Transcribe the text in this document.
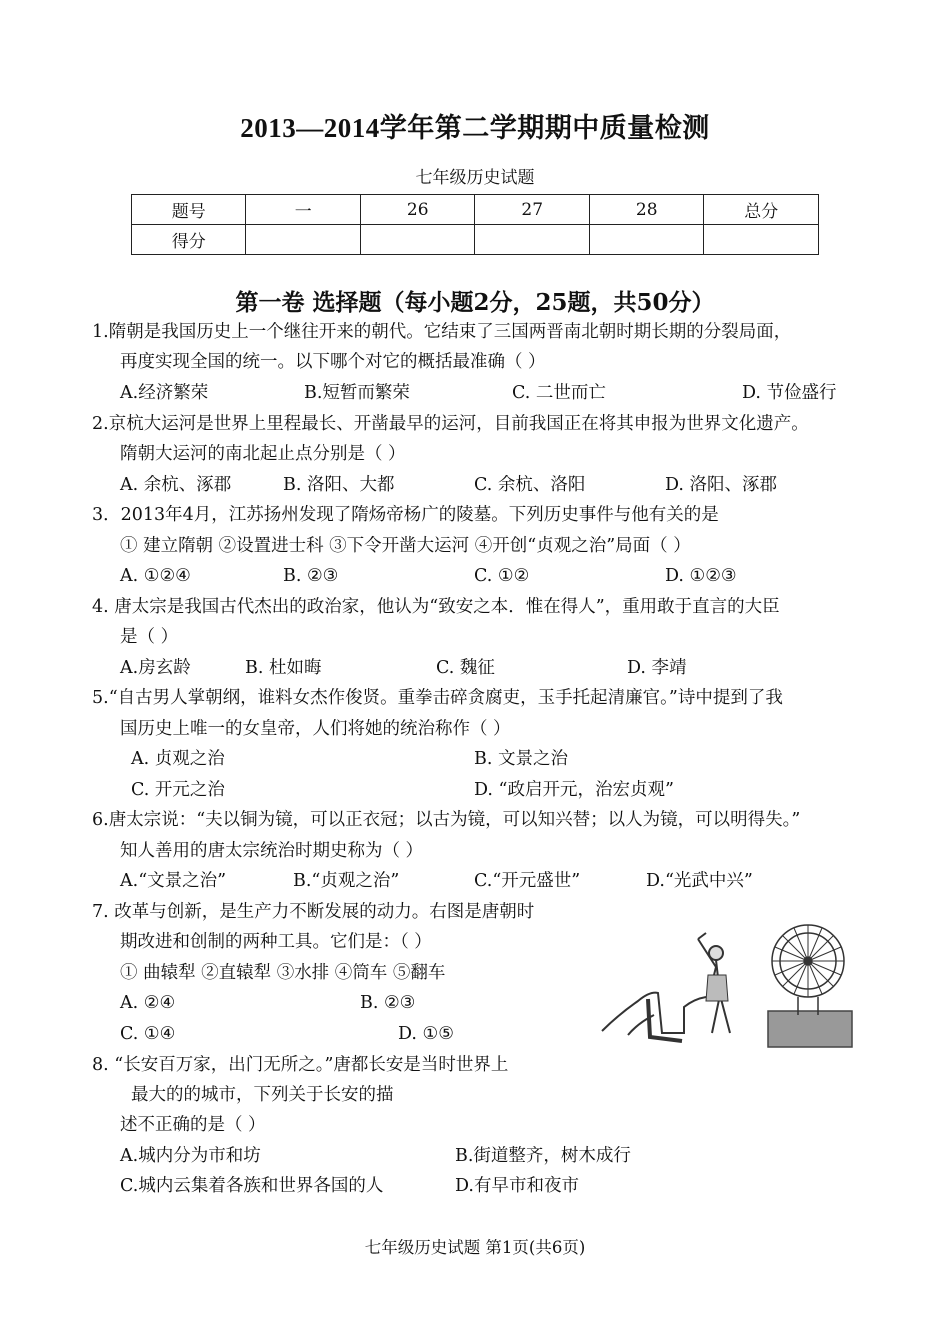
2013—2014学年第二学期期中质量检测
七年级历史试题
题号	一	26	27	28	总分
得分					
第一卷 选择题（每小题2分，25题，共50分）
1.隋朝是我国历史上一个继往开来的朝代。它结束了三国两晋南北朝时期长期的分裂局面，
再度实现全国的统一。以下哪个对它的概括最准确（ ）
A.经济繁荣	B.短暂而繁荣	C. 二世而亡	D. 节俭盛行
2.京杭大运河是世界上里程最长、开凿最早的运河，目前我国正在将其申报为世界文化遗产。
隋朝大运河的南北起止点分别是（ ）
A. 余杭、涿郡	B. 洛阳、大都	C. 余杭、洛阳	D. 洛阳、涿郡
3．2013年4月，江苏扬州发现了隋炀帝杨广的陵墓。下列历史事件与他有关的是
① 建立隋朝 ②设置进士科 ③下令开凿大运河 ④开创“贞观之治”局面（ ）
A. ①②④	B. ②③	C. ①②	D. ①②③
4. 唐太宗是我国古代杰出的政治家，他认为“致安之本．惟在得人”，重用敢于直言的大臣
是（ ）
A.房玄龄	B. 杜如晦	C. 魏征	D. 李靖
5.“自古男人掌朝纲，谁料女杰作俊贤。重拳击碎贪腐吏，玉手托起清廉官。”诗中提到了我
国历史上唯一的女皇帝，人们将她的统治称作（ ）
A. 贞观之治	B. 文景之治
C. 开元之治	D. “政启开元，治宏贞观”
6.唐太宗说：“夫以铜为镜，可以正衣冠；以古为镜，可以知兴替；以人为镜，可以明得失。”
知人善用的唐太宗统治时期史称为（ ）
A.“文景之治”	B.“贞观之治”	C.“开元盛世”	D.“光武中兴”
7. 改革与创新，是生产力不断发展的动力。右图是唐朝时
期改进和创制的两种工具。它们是：（ ）
① 曲辕犁 ②直辕犁 ③水排 ④筒车 ⑤翻车
A. ②④	B. ②③
C. ①④	D. ①⑤
8. “长安百万家，出门无所之。”唐都长安是当时世界上
最大的的城市，下列关于长安的描
述不正确的是（ ）
A.城内分为市和坊	B.街道整齐，树木成行
C.城内云集着各族和世界各国的人	D.有早市和夜市
七年级历史试题 第1页(共6页)
